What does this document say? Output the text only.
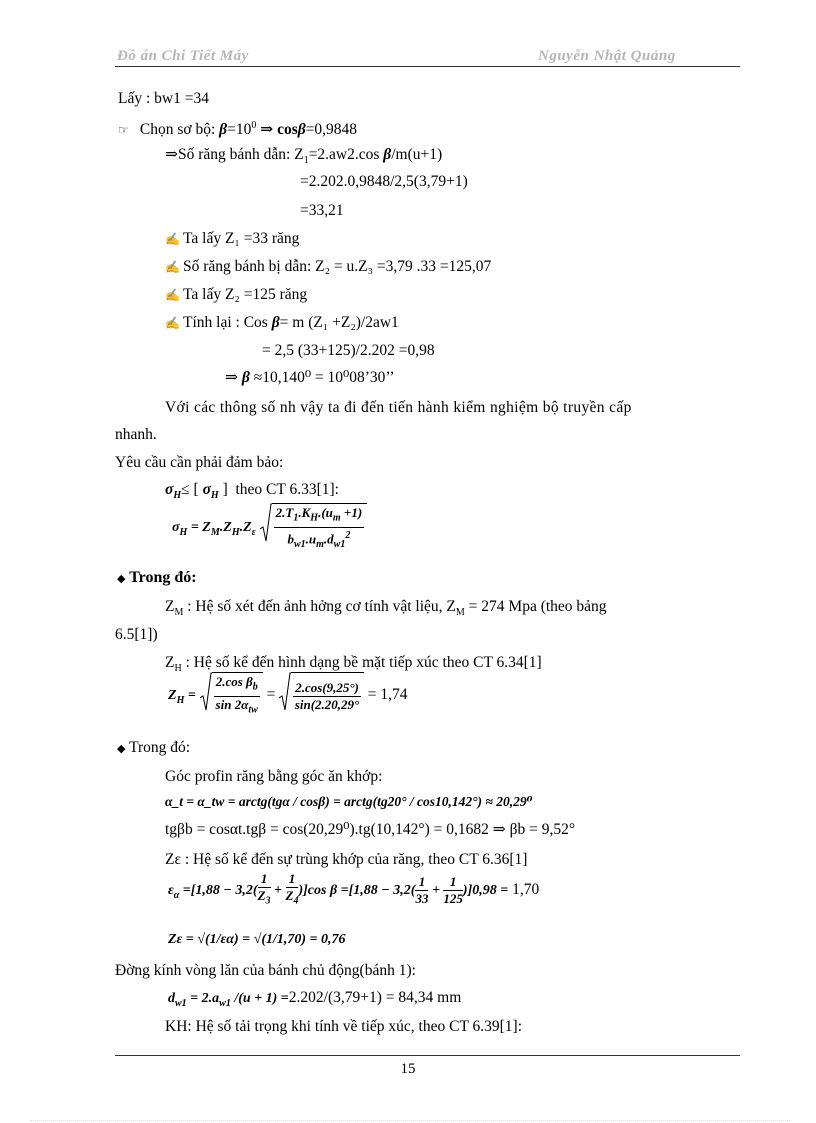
Đồ án Chi Tiết Máy	Nguyễn Nhật Quảng
Lấy : bw1 =34
☞ Chọn sơ bộ: $\beta=10^0$ ⇒ cosβ=0,9848
⇒Số răng bánh dẫn: $Z_1=2.aw2.\cos$ β/m(u+1)
=2.202.0,9848/2,5(3,79+1)
=33,21
✍ Ta lấy Z₁ =33 răng
✍ Số răng bánh bị dẫn: Z₂ = u.Z₃ =3,79 .33 =125,07
✍ Ta lấy Z₂ =125 răng
✍ Tính lại : Cos β= m (Z₁ +Z₂)/2aw1
= 2,5 (33+125)/2.202 =0,98
⇒ β ≈10,140⁰ = 10⁰08’30’’
Với các thông số nh vậy ta đi đến tiến hành kiểm nghiệm bộ truyền cấp
nhanh.
Yêu cầu cần phải đảm bảo:
$\sigma_H\le$ [ $\sigma_H$ ]  theo CT 6.33[1]:
$\sigma_H = Z_M.Z_H.Z_\varepsilon \frac{2.T_1.K_H.(u_m +1)}{b_{w1}.u_m.d_{w1}^2}$
◆ Trong đó:
$Z_M$ : Hệ số xét đến ảnh hởng cơ tính vật liệu, $Z_M = 274$ Mpa (theo bảng
6.5[1])
$Z_H$ : Hệ số kể đến hình dạng bề mặt tiếp xúc theo CT 6.34[1]
$Z_H = \frac{2.\cos \beta_b}{\sin 2\alpha_{tw}} = \frac{2.\cos(9,25^\circ)}{\sin(2.20,29^\circ} = 1,74$
◆ Trong đó:
Góc profin răng bằng góc ăn khớp:
α_t = α_tw = arctg(tgα / cosβ) = arctg(tg20° / cos10,142°) ≈ 20,29⁰
tgβb = cosαt.tgβ = cos(20,29⁰).tg(10,142°) = 0,1682 ⇒ βb = 9,52°
Zε : Hệ số kể đến sự trùng khớp của răng, theo CT 6.36[1]
$\varepsilon_\alpha =[1,88 - 3,2( \frac{1}{Z_3} + \frac{1}{Z_4} )]\cos$ $\beta =[1,88 - 3,2( \frac{1}{33} + \frac{1}{125} )]0,98 = 1,70$
Zε = √(1/εα) = √(1/1,70) = 0,76
Đờng kính vòng lăn của bánh chủ động(bánh 1):
$d_{w1} = 2.a_{w1}$ /(u + 1) =2.202/(3,79+1) = 84,34 mm
KH: Hệ số tải trọng khi tính về tiếp xúc, theo CT 6.39[1]:
15
